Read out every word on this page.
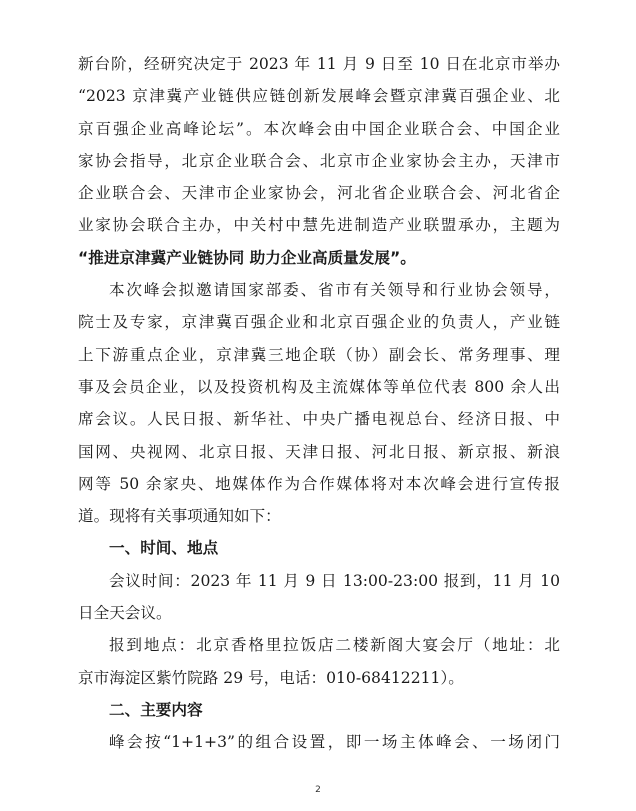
新台阶，经研究决定于 2023 年 11 月 9 日至 10 日在北京市举办
“2023 京津冀产业链供应链创新发展峰会暨京津冀百强企业、北
京百强企业高峰论坛”。本次峰会由中国企业联合会、中国企业
家协会指导，北京企业联合会、北京市企业家协会主办，天津市
企业联合会、天津市企业家协会，河北省企业联合会、河北省企
业家协会联合主办，中关村中慧先进制造产业联盟承办，主题为
“推进京津冀产业链协同 助力企业高质量发展”。
本次峰会拟邀请国家部委、省市有关领导和行业协会领导，
院士及专家，京津冀百强企业和北京百强企业的负责人，产业链
上下游重点企业，京津冀三地企联（协）副会长、常务理事、理
事及会员企业，以及投资机构及主流媒体等单位代表 800 余人出
席会议。人民日报、新华社、中央广播电视总台、经济日报、中
国网、央视网、北京日报、天津日报、河北日报、新京报、新浪
网等 50 余家央、地媒体作为合作媒体将对本次峰会进行宣传报
道。现将有关事项通知如下：
一、时间、地点
会议时间：2023 年 11 月 9 日 13:00-23:00 报到，11 月 10
日全天会议。
报到地点：北京香格里拉饭店二楼新阁大宴会厅（地址：北
京市海淀区紫竹院路 29 号，电话：010-68412211）。
二、主要内容
峰会按“1+1+3”的组合设置，即一场主体峰会、一场闭门
2
